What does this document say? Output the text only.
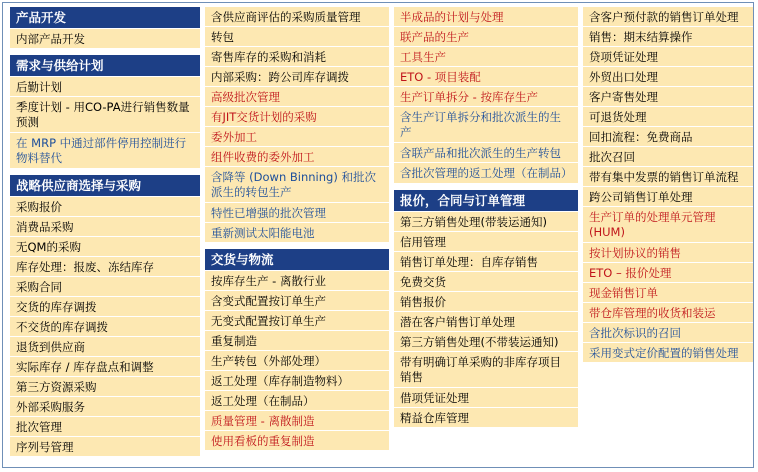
产品开发
内部产品开发
需求与供给计划
后勤计划
季度计划 - 用CO-PA进行销售数量预测
在 MRP 中通过部件停用控制进行物料替代
战略供应商选择与采购
采购报价
消费品采购
无QM的采购
库存处理：报废、冻结库存
采购合同
交货的库存调拨
不交货的库存调拨
退货到供应商
实际库存 / 库存盘点和调整
第三方资源采购
外部采购服务
批次管理
序列号管理
含供应商评估的采购质量管理
转包
寄售库存的采购和消耗
内部采购：跨公司库存调拨
高级批次管理
有JIT交货计划的采购
委外加工
组件收费的委外加工
含降等 (Down Binning) 和批次派生的转包生产
特性已增强的批次管理
重新测试太阳能电池
交货与物流
按库存生产 - 离散行业
含变式配置按订单生产
无变式配置按订单生产
重复制造
生产转包（外部处理）
返工处理（库存制造物料）
返工处理（在制品）
质量管理 - 离散制造
使用看板的重复制造
半成品的计划与处理
联产品的生产
工具生产
ETO - 项目装配
生产订单拆分 - 按库存生产
含生产订单拆分和批次派生的生产
含联产品和批次派生的生产转包
含批次管理的返工处理（在制品）
报价，合同与订单管理
第三方销售处理(带装运通知)
信用管理
销售订单处理：自库存销售
免费交货
销售报价
潜在客户销售订单处理
第三方销售处理(不带装运通知)
带有明确订单采购的非库存项目销售
借项凭证处理
精益仓库管理
含客户预付款的销售订单处理
销售：期末结算操作
贷项凭证处理
外贸出口处理
客户寄售处理
可退货处理
回扣流程：免费商品
批次召回
带有集中发票的销售订单流程
跨公司销售订单处理
生产订单的处理单元管理 (HUM)
按计划协议的销售
ETO – 报价处理
现金销售订单
带仓库管理的收货和装运
含批次标识的召回
采用变式定价配置的销售处理
